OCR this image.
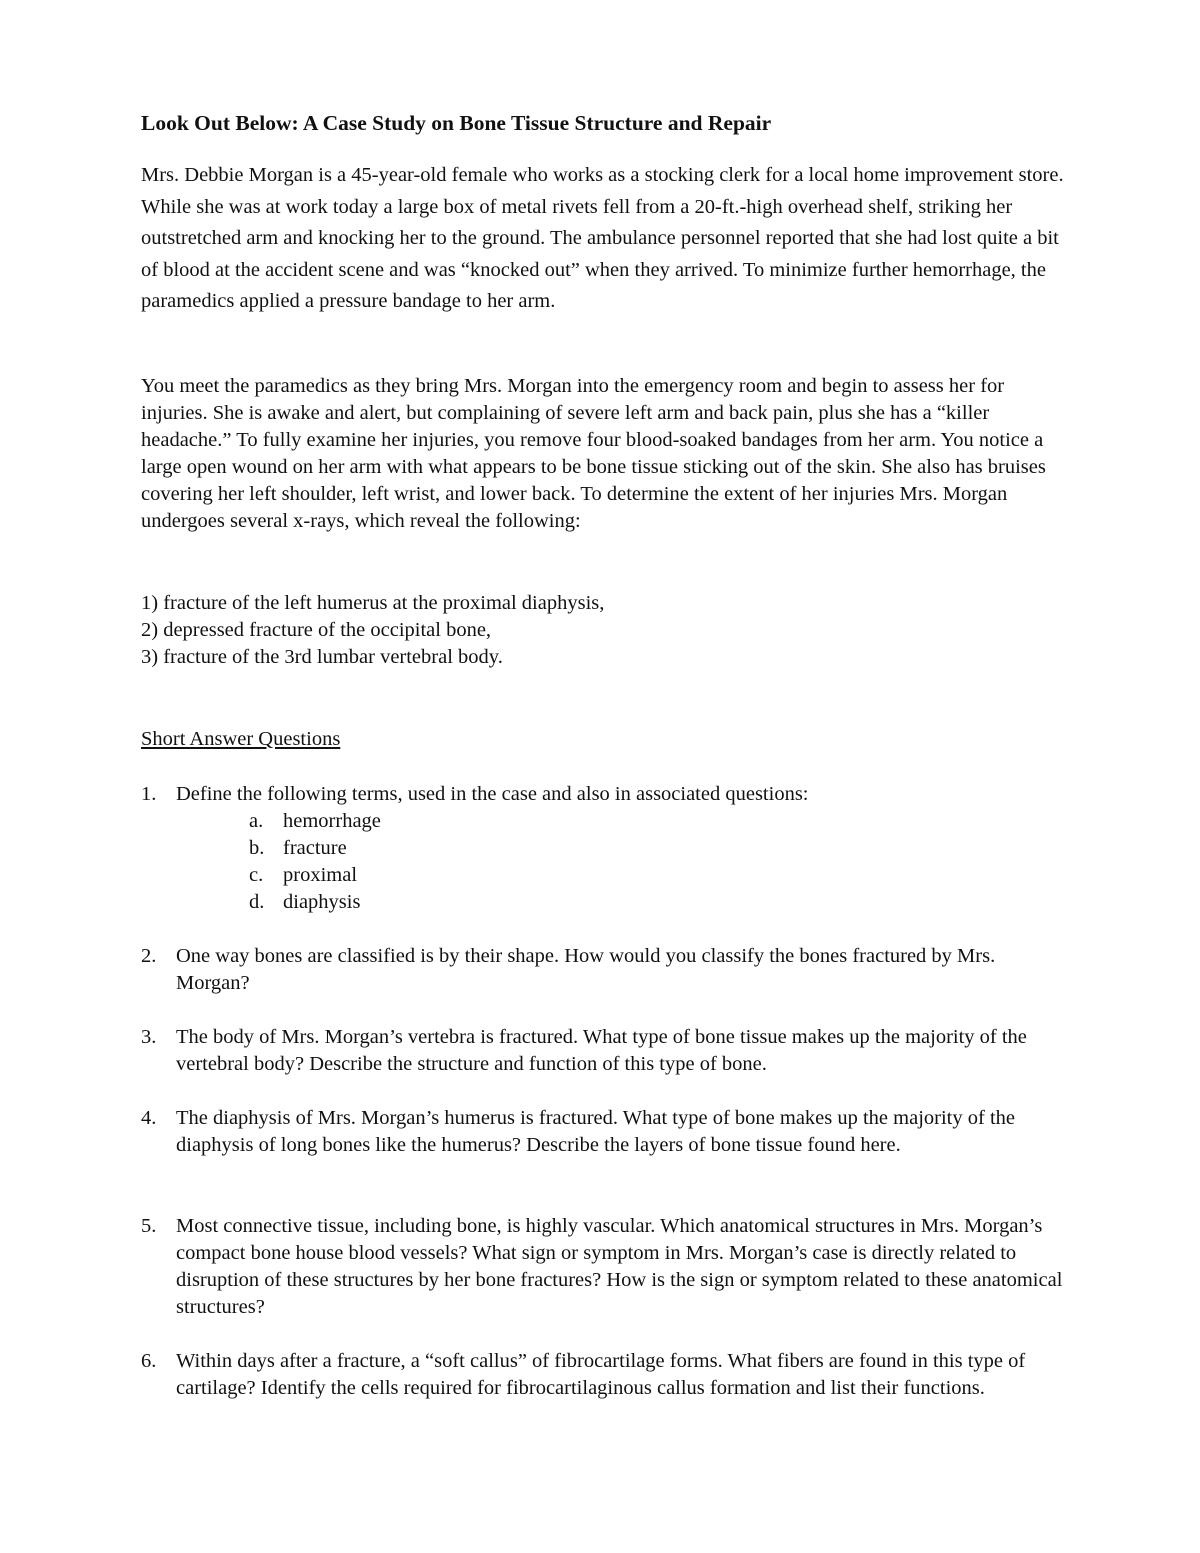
Look Out Below: A Case Study on Bone Tissue Structure and Repair

Mrs. Debbie Morgan is a 45-year-old female who works as a stocking clerk for a local home improvement store. While she was at work today a large box of metal rivets fell from a 20-ft.-high overhead shelf, striking her outstretched arm and knocking her to the ground. The ambulance personnel reported that she had lost quite a bit of blood at the accident scene and was “knocked out” when they arrived. To minimize further hemorrhage, the paramedics applied a pressure bandage to her arm.

You meet the paramedics as they bring Mrs. Morgan into the emergency room and begin to assess her for injuries. She is awake and alert, but complaining of severe left arm and back pain, plus she has a “killer headache.” To fully examine her injuries, you remove four blood-soaked bandages from her arm. You notice a large open wound on her arm with what appears to be bone tissue sticking out of the skin. She also has bruises covering her left shoulder, left wrist, and lower back. To determine the extent of her injuries Mrs. Morgan undergoes several x-rays, which reveal the following:

1) fracture of the left humerus at the proximal diaphysis,
2) depressed fracture of the occipital bone,
3) fracture of the 3rd lumbar vertebral body.
Short Answer Questions
1. Define the following terms, used in the case and also in associated questions:

a. hemorrhage
b. fracture
c. proximal
d. diaphysis
2. One way bones are classified is by their shape. How would you classify the bones fractured by Mrs. Morgan?

3. The body of Mrs. Morgan’s vertebra is fractured. What type of bone tissue makes up the majority of the vertebral body? Describe the structure and function of this type of bone.

4. The diaphysis of Mrs. Morgan’s humerus is fractured. What type of bone makes up the majority of the diaphysis of long bones like the humerus? Describe the layers of bone tissue found here.

5. Most connective tissue, including bone, is highly vascular. Which anatomical structures in Mrs. Morgan’s compact bone house blood vessels? What sign or symptom in Mrs. Morgan’s case is directly related to disruption of these structures by her bone fractures? How is the sign or symptom related to these anatomical structures?

6. Within days after a fracture, a “soft callus” of fibrocartilage forms. What fibers are found in this type of cartilage? Identify the cells required for fibrocartilaginous callus formation and list their functions.
